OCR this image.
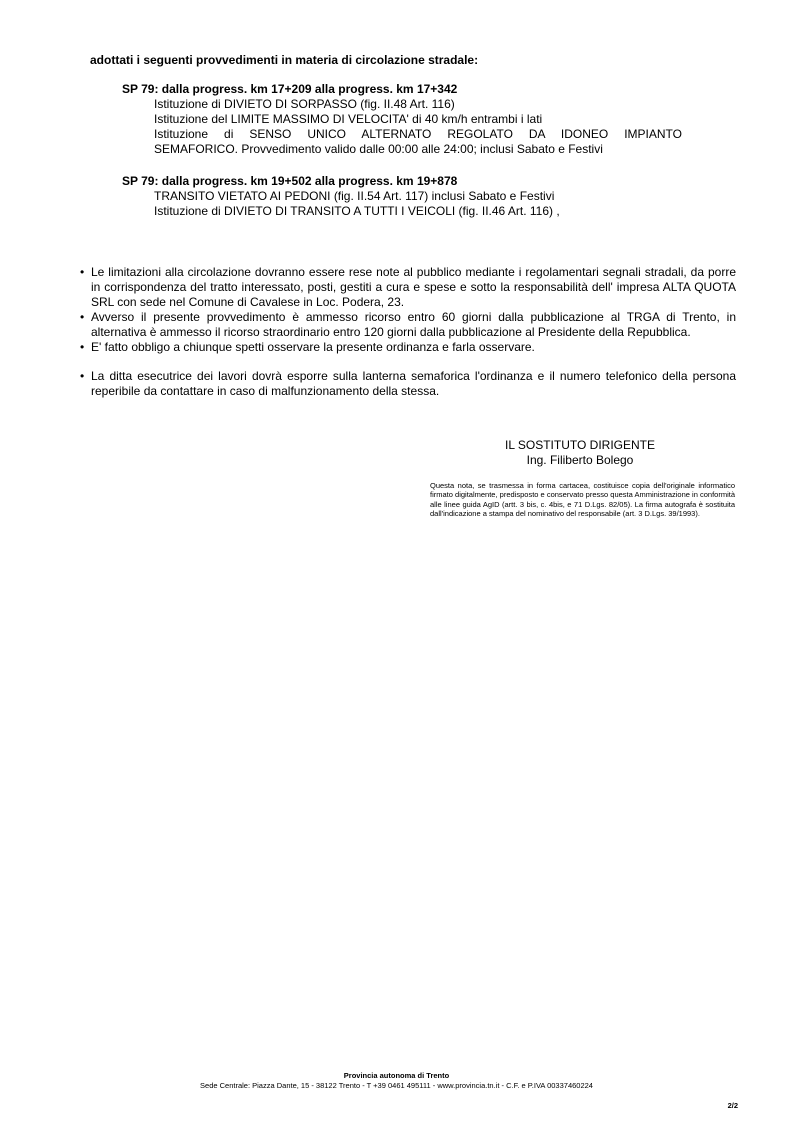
adottati i seguenti provvedimenti in materia di circolazione stradale:
SP 79: dalla progress. km 17+209 alla progress. km 17+342
Istituzione di DIVIETO DI SORPASSO (fig. II.48 Art. 116)
Istituzione del LIMITE MASSIMO DI VELOCITA' di 40 km/h entrambi i lati
Istituzione di SENSO UNICO ALTERNATO REGOLATO DA IDONEO IMPIANTO
SEMAFORICO. Provvedimento valido dalle 00:00 alle 24:00; inclusi Sabato e Festivi
SP 79: dalla progress. km 19+502 alla progress. km 19+878
TRANSITO VIETATO AI PEDONI (fig. II.54 Art. 117) inclusi Sabato e Festivi
Istituzione di DIVIETO DI TRANSITO A TUTTI I VEICOLI (fig. II.46 Art. 116) ,
• Le limitazioni alla circolazione dovranno essere rese note al pubblico mediante i regolamentari segnali stradali, da porre in corrispondenza del tratto interessato, posti, gestiti a cura e spese e sotto la responsabilità dell' impresa ALTA QUOTA SRL con sede nel Comune di Cavalese in Loc. Podera, 23.
• Avverso il presente provvedimento è ammesso ricorso entro 60 giorni dalla pubblicazione al TRGA di Trento, in alternativa è ammesso il ricorso straordinario entro 120 giorni dalla pubblicazione al Presidente della Repubblica.
• E' fatto obbligo a chiunque spetti osservare la presente ordinanza e farla osservare.
• La ditta esecutrice dei lavori dovrà esporre sulla lanterna semaforica l'ordinanza e il numero telefonico della persona reperibile da contattare in caso di malfunzionamento della stessa.
IL SOSTITUTO DIRIGENTE
Ing. Filiberto Bolego
Questa nota, se trasmessa in forma cartacea, costituisce copia dell'originale informatico firmato digitalmente, predisposto e conservato presso questa Amministrazione in conformità alle linee guida AgID (artt. 3 bis, c. 4bis, e 71 D.Lgs. 82/05). La firma autografa è sostituita dall'indicazione a stampa del nominativo del responsabile (art. 3 D.Lgs. 39/1993).
Provincia autonoma di Trento
Sede Centrale: Piazza Dante, 15 - 38122 Trento - T +39 0461 495111 - www.provincia.tn.it - C.F. e P.IVA 00337460224
2/2
